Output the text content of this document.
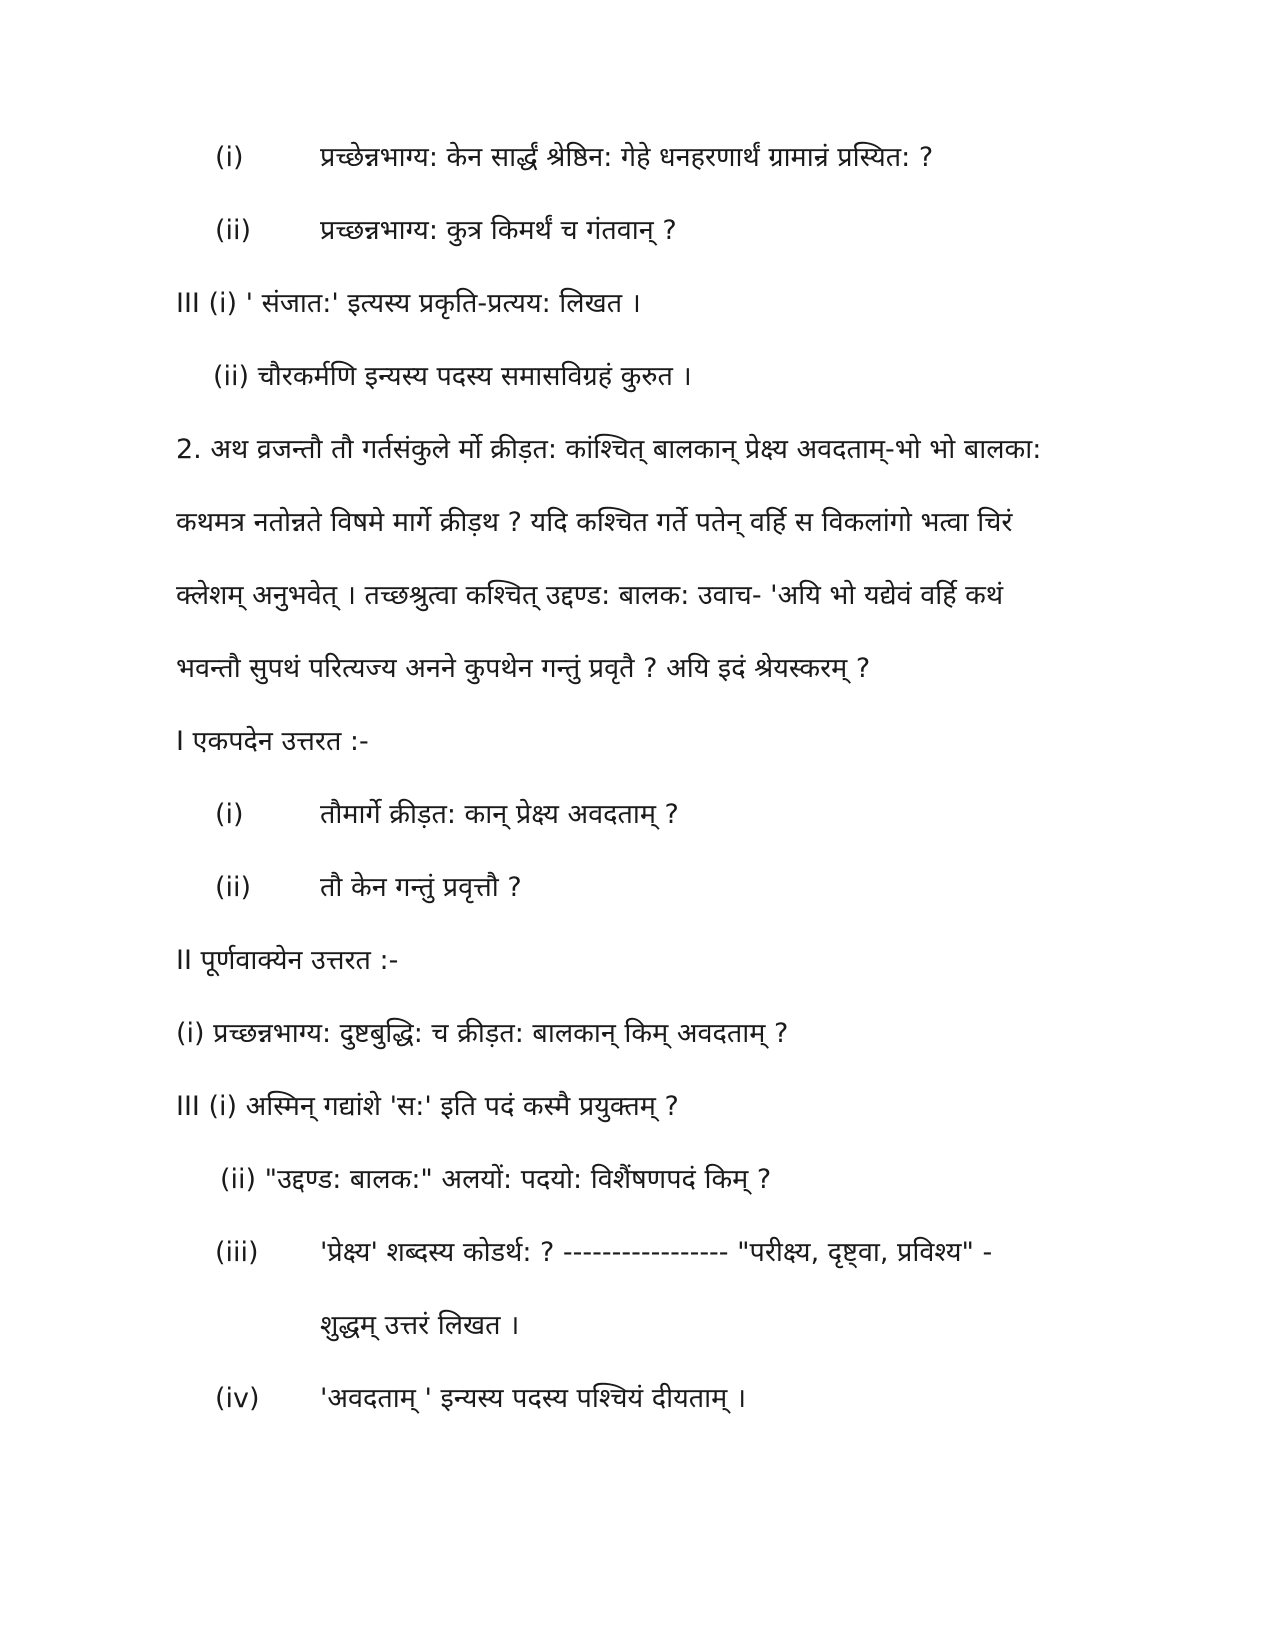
(i)	प्रच्छेन्नभाग्य: केन सार्द्धं श्रेष्ठिन: गेहे धनहरणार्थं ग्रामान्रं प्रस्यित: ?
(ii)	प्रच्छन्नभाग्य: कुत्र किमर्थं च गंतवान् ?
III (i) ' संजात:' इत्यस्य प्रकृति-प्रत्यय: लिखत ।
(ii) चौरकर्मणि इन्यस्य पदस्य समासविग्रहं कुरुत ।
2. अथ व्रजन्तौ तौ गर्तसंकुले र्मो क्रीड़त: कांश्चित् बालकान् प्रेक्ष्य अवदताम्-भो भो बालका:
कथमत्र नतोन्नते विषमे मार्गे क्रीड़थ ? यदि कश्चित गर्ते पतेन् वर्हि स विकलांगो भत्वा चिरं
क्लेशम् अनुभवेत् । तच्छश्रुत्वा कश्चित् उद्दण्ड: बालक: उवाच- 'अयि भो यद्येवं वर्हि कथं
भवन्तौ सुपथं परित्यज्य अनने कुपथेन गन्तुं प्रवृतै ? अयि इदं श्रेयस्करम् ?
I एकपदेन उत्तरत :-
(i)	तौमार्गे क्रीड़त: कान् प्रेक्ष्य अवदताम् ?
(ii)	तौ केन गन्तुं प्रवृत्तौ ?
II पूर्णवाक्येन उत्तरत :-
(i) प्रच्छन्नभाग्य: दुष्टबुद्धि: च क्रीड़त: बालकान् किम् अवदताम् ?
III (i) अस्मिन् गद्यांशे 'स:' इति पदं कस्मै प्रयुक्तम् ?
(ii) "उद्दण्ड: बालक:" अलयों: पदयो: विशैंषणपदं किम् ?
(iii) 'प्रेक्ष्य' शब्दस्य कोडर्थ: ? ----------------- "परीक्ष्य, दृष्ट्वा, प्रविश्य" -
शुद्धम् उत्तरं लिखत ।
(iv) 'अवदताम् ' इन्यस्य पदस्य पश्चियं दीयताम् ।
